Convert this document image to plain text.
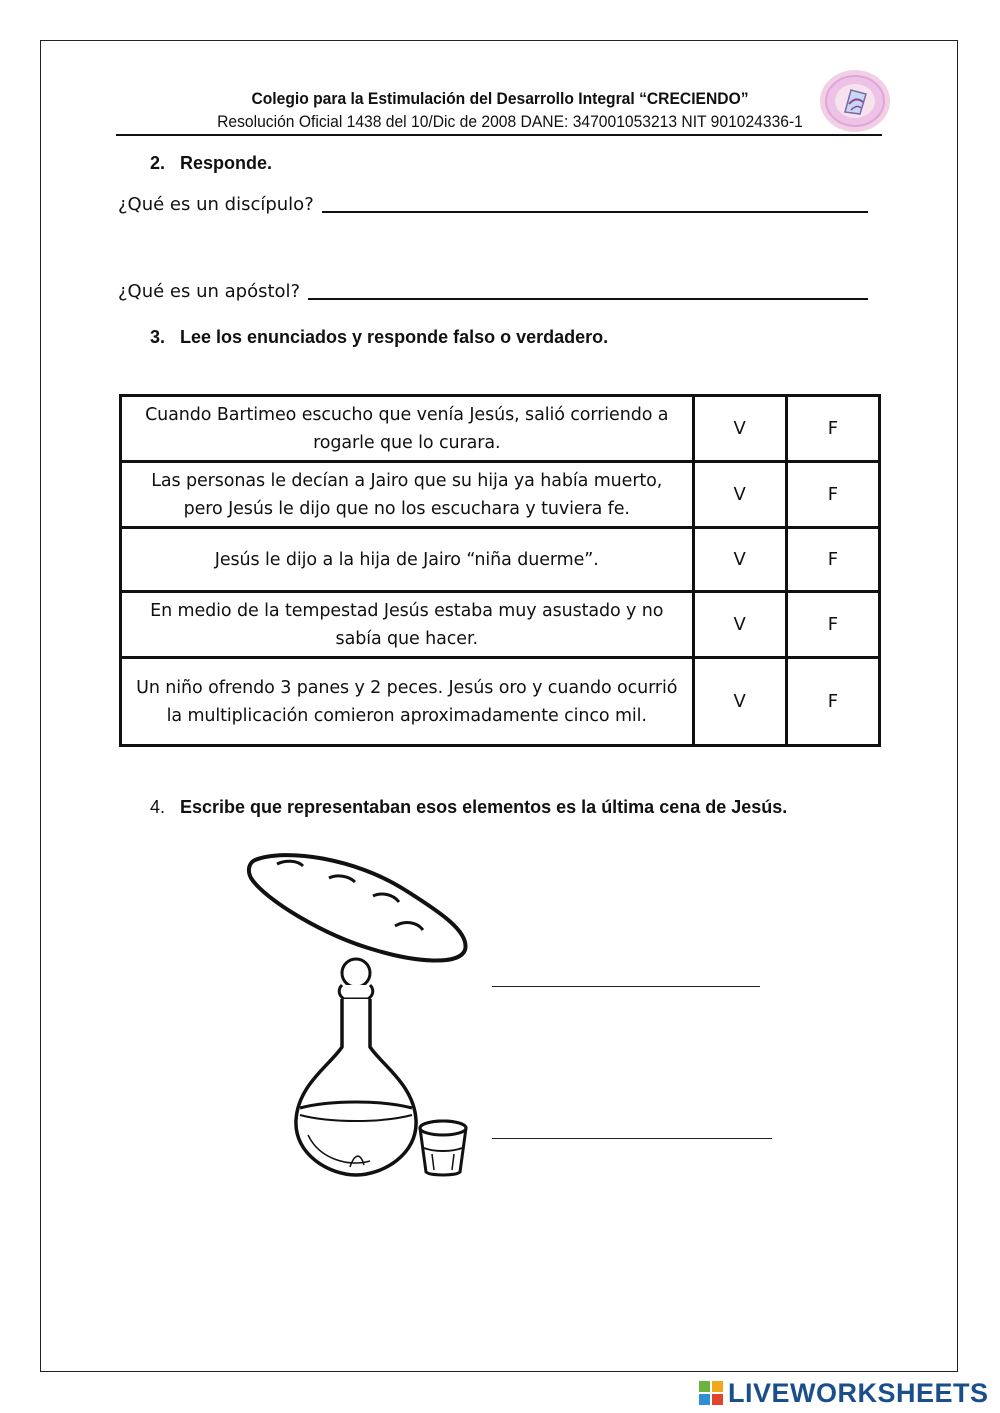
Colegio para la Estimulación del Desarrollo Integral “CRECIENDO”
Resolución Oficial 1438 del 10/Dic de 2008 DANE: 347001053213 NIT 901024336-1
2. Responde.
¿Qué es un discípulo?
¿Qué es un apóstol?
3. Lee los enunciados y responde falso o verdadero.
Cuando Bartimeo escucho que venía Jesús, salió corriendo a rogarle que lo curara.	V	F
Las personas le decían a Jairo que su hija ya había muerto, pero Jesús le dijo que no los escuchara y tuviera fe.	V	F
Jesús le dijo a la hija de Jairo “niña duerme”.	V	F
En medio de la tempestad Jesús estaba muy asustado y no sabía que hacer.	V	F
Un niño ofrendo 3 panes y 2 peces. Jesús oro y cuando ocurrió la multiplicación comieron aproximadamente cinco mil.	V	F
4. Escribe que representaban esos elementos es la última cena de Jesús.
LIVEWORKSHEETS
